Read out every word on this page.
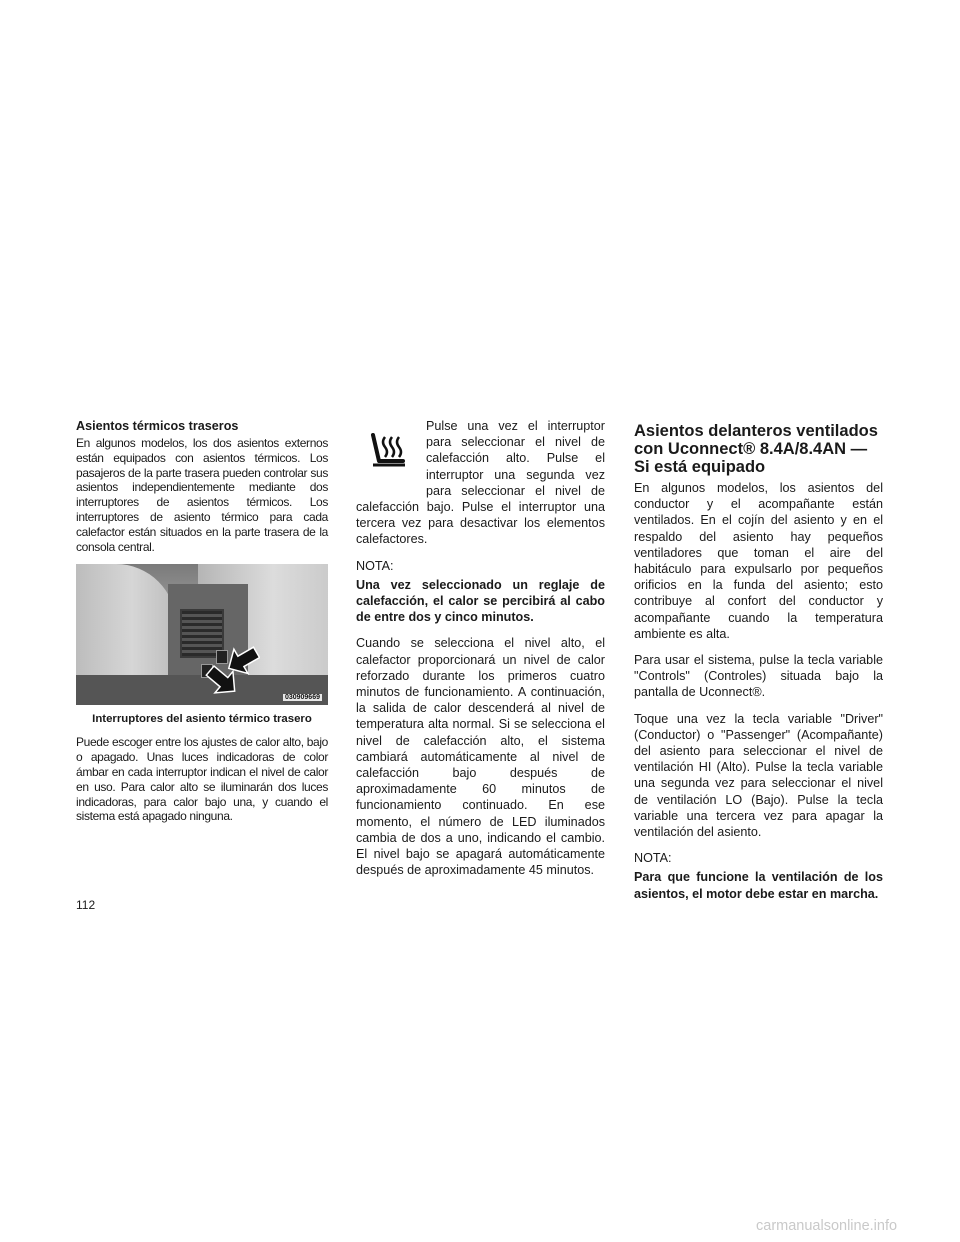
Asientos térmicos traseros

En algunos modelos, los dos asientos externos están equipados con asientos térmicos. Los pasajeros de la parte trasera pueden controlar sus asientos independientemente mediante dos interruptores de asientos térmicos. Los interruptores de asiento térmico para cada calefactor están situados en la parte trasera de la consola central.

030909669
Interruptores del asiento térmico trasero

Puede escoger entre los ajustes de calor alto, bajo o apagado. Unas luces indicadoras de color ámbar en cada interruptor indican el nivel de calor en uso. Para calor alto se iluminarán dos luces indicadoras, para calor bajo una, y cuando el sistema está apagado ninguna.

Pulse una vez el interruptor para seleccionar el nivel de calefacción alto. Pulse el interruptor una segunda vez para seleccionar el nivel de calefacción bajo. Pulse el interruptor una tercera vez para desactivar los elementos calefactores.

NOTA:

Una vez seleccionado un reglaje de calefacción, el calor se percibirá al cabo de entre dos y cinco minutos.

Cuando se selecciona el nivel alto, el calefactor proporcionará un nivel de calor reforzado durante los primeros cuatro minutos de funcionamiento. A continuación, la salida de calor descenderá al nivel de temperatura alta normal. Si se selecciona el nivel de calefacción alto, el sistema cambiará automáticamente al nivel de calefacción bajo después de aproximadamente 60 minutos de funcionamiento continuado. En ese momento, el número de LED iluminados cambia de dos a uno, indicando el cambio. El nivel bajo se apagará automáticamente después de aproximadamente 45 minutos.

Asientos delanteros ventilados con Uconnect® 8.4A/8.4AN — Si está equipado

En algunos modelos, los asientos del conductor y el acompañante están ventilados. En el cojín del asiento y en el respaldo del asiento hay pequeños ventiladores que toman el aire del habitáculo para expulsarlo por pequeños orificios en la funda del asiento; esto contribuye al confort del conductor y acompañante cuando la temperatura ambiente es alta.

Para usar el sistema, pulse la tecla variable "Controls" (Controles) situada bajo la pantalla de Uconnect®.

Toque una vez la tecla variable "Driver" (Conductor) o "Passenger" (Acompañante) del asiento para seleccionar el nivel de ventilación HI (Alto). Pulse la tecla variable una segunda vez para seleccionar el nivel de ventilación LO (Bajo). Pulse la tecla variable una tercera vez para apagar la ventilación del asiento.

NOTA:

Para que funcione la ventilación de los asientos, el motor debe estar en marcha.

112

carmanualsonline.info
